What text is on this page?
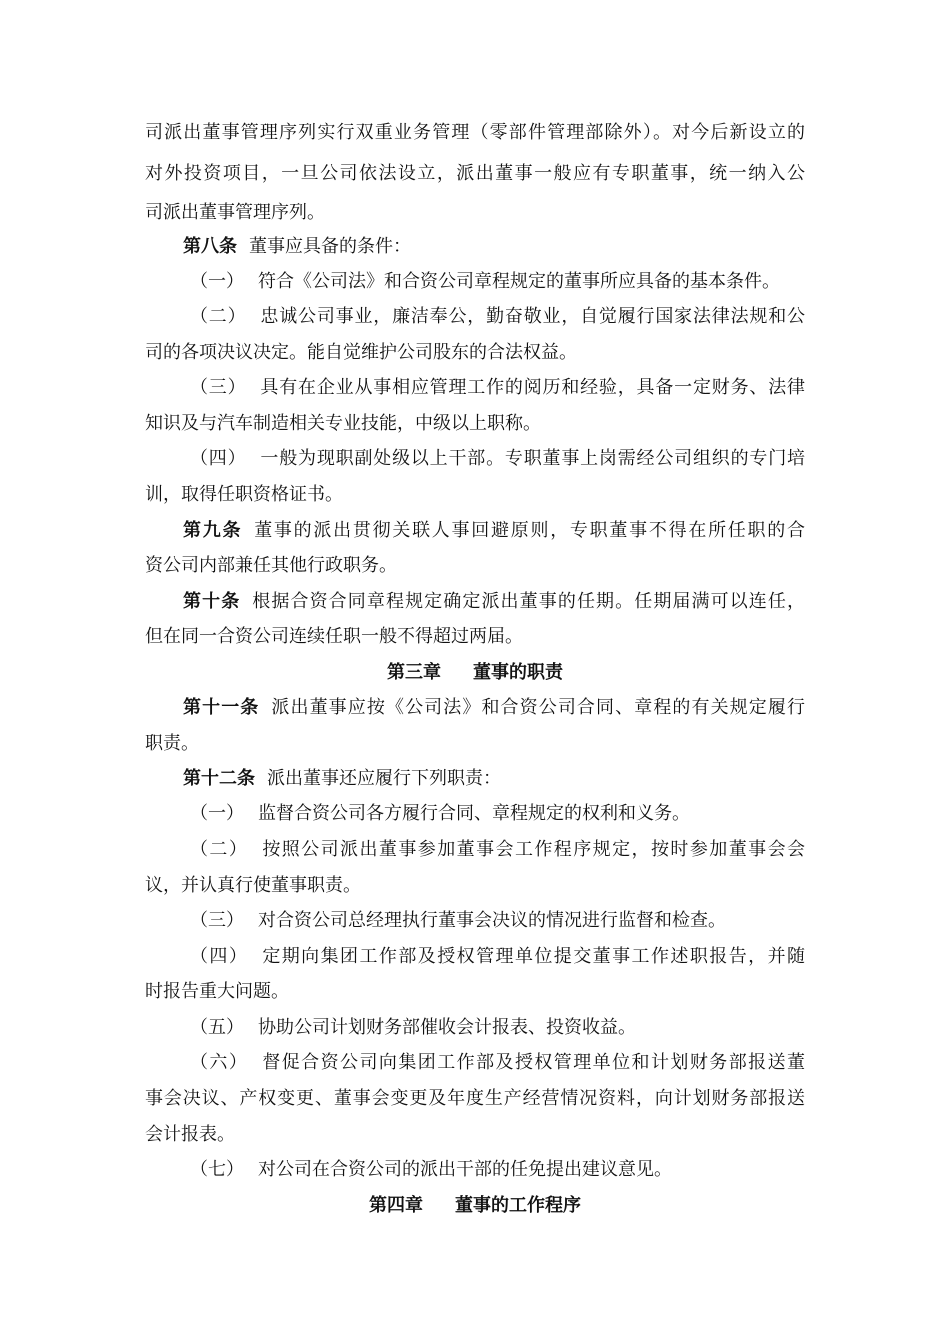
司派出董事管理序列实行双重业务管理（零部件管理部除外）。对今后新设立的

对外投资项目，一旦公司依法设立，派出董事一般应有专职董事，统一纳入公

司派出董事管理序列。

第八条 董事应具备的条件：

（一） 符合《公司法》和合资公司章程规定的董事所应具备的基本条件。

（二） 忠诚公司事业，廉洁奉公，勤奋敬业，自觉履行国家法律法规和公

司的各项决议决定。能自觉维护公司股东的合法权益。

（三） 具有在企业从事相应管理工作的阅历和经验，具备一定财务、法律

知识及与汽车制造相关专业技能，中级以上职称。

（四） 一般为现职副处级以上干部。专职董事上岗需经公司组织的专门培

训，取得任职资格证书。

第九条 董事的派出贯彻关联人事回避原则，专职董事不得在所任职的合

资公司内部兼任其他行政职务。

第十条 根据合资合同章程规定确定派出董事的任期。任期届满可以连任，

但在同一合资公司连续任职一般不得超过两届。

第三章 董事的职责

第十一条 派出董事应按《公司法》和合资公司合同、章程的有关规定履行

职责。

第十二条 派出董事还应履行下列职责：

（一） 监督合资公司各方履行合同、章程规定的权利和义务。

（二） 按照公司派出董事参加董事会工作程序规定，按时参加董事会会

议，并认真行使董事职责。

（三） 对合资公司总经理执行董事会决议的情况进行监督和检查。

（四） 定期向集团工作部及授权管理单位提交董事工作述职报告，并随

时报告重大问题。

（五） 协助公司计划财务部催收会计报表、投资收益。

（六） 督促合资公司向集团工作部及授权管理单位和计划财务部报送董

事会决议、产权变更、董事会变更及年度生产经营情况资料，向计划财务部报送

会计报表。

（七） 对公司在合资公司的派出干部的任免提出建议意见。

第四章 董事的工作程序
